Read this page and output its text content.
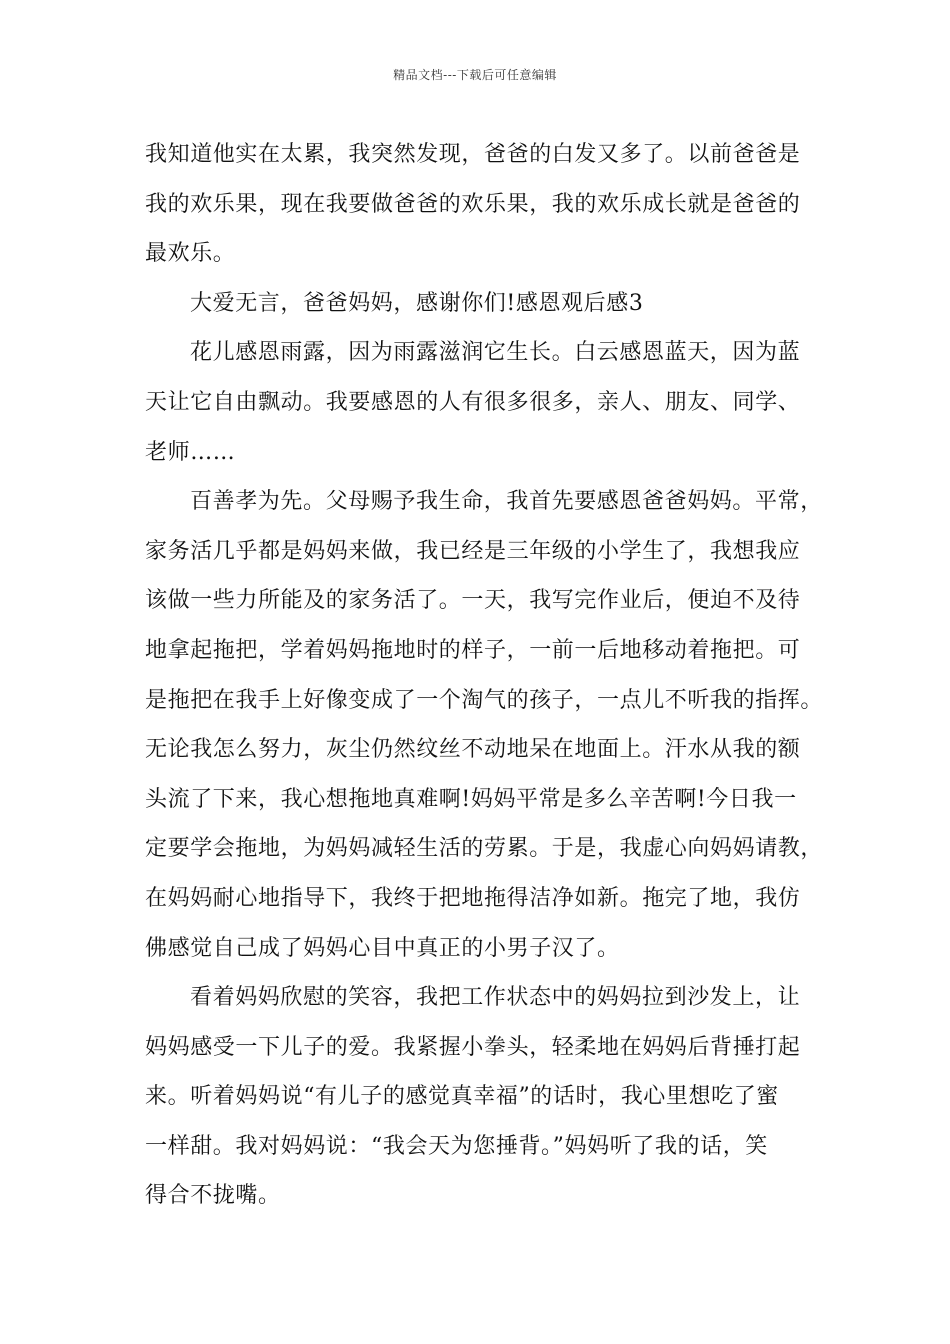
精品文档---下载后可任意编辑
我知道他实在太累，我突然发现，爸爸的白发又多了。以前爸爸是
我的欢乐果，现在我要做爸爸的欢乐果，我的欢乐成长就是爸爸的
最欢乐。
大爱无言，爸爸妈妈，感谢你们!感恩观后感3
花儿感恩雨露，因为雨露滋润它生长。白云感恩蓝天，因为蓝
天让它自由飘动。我要感恩的人有很多很多，亲人、朋友、同学、
老师……
百善孝为先。父母赐予我生命，我首先要感恩爸爸妈妈。平常，
家务活几乎都是妈妈来做，我已经是三年级的小学生了，我想我应
该做一些力所能及的家务活了。一天，我写完作业后，便迫不及待
地拿起拖把，学着妈妈拖地时的样子，一前一后地移动着拖把。可
是拖把在我手上好像变成了一个淘气的孩子，一点儿不听我的指挥。
无论我怎么努力，灰尘仍然纹丝不动地呆在地面上。汗水从我的额
头流了下来，我心想拖地真难啊!妈妈平常是多么辛苦啊!今日我一
定要学会拖地，为妈妈减轻生活的劳累。于是，我虚心向妈妈请教，
在妈妈耐心地指导下，我终于把地拖得洁净如新。拖完了地，我仿
佛感觉自己成了妈妈心目中真正的小男子汉了。
看着妈妈欣慰的笑容，我把工作状态中的妈妈拉到沙发上，让
妈妈感受一下儿子的爱。我紧握小拳头，轻柔地在妈妈后背捶打起
来。听着妈妈说“有儿子的感觉真幸福”的话时，我心里想吃了蜜
一样甜。我对妈妈说：“我会天为您捶背。”妈妈听了我的话，笑
得合不拢嘴。
